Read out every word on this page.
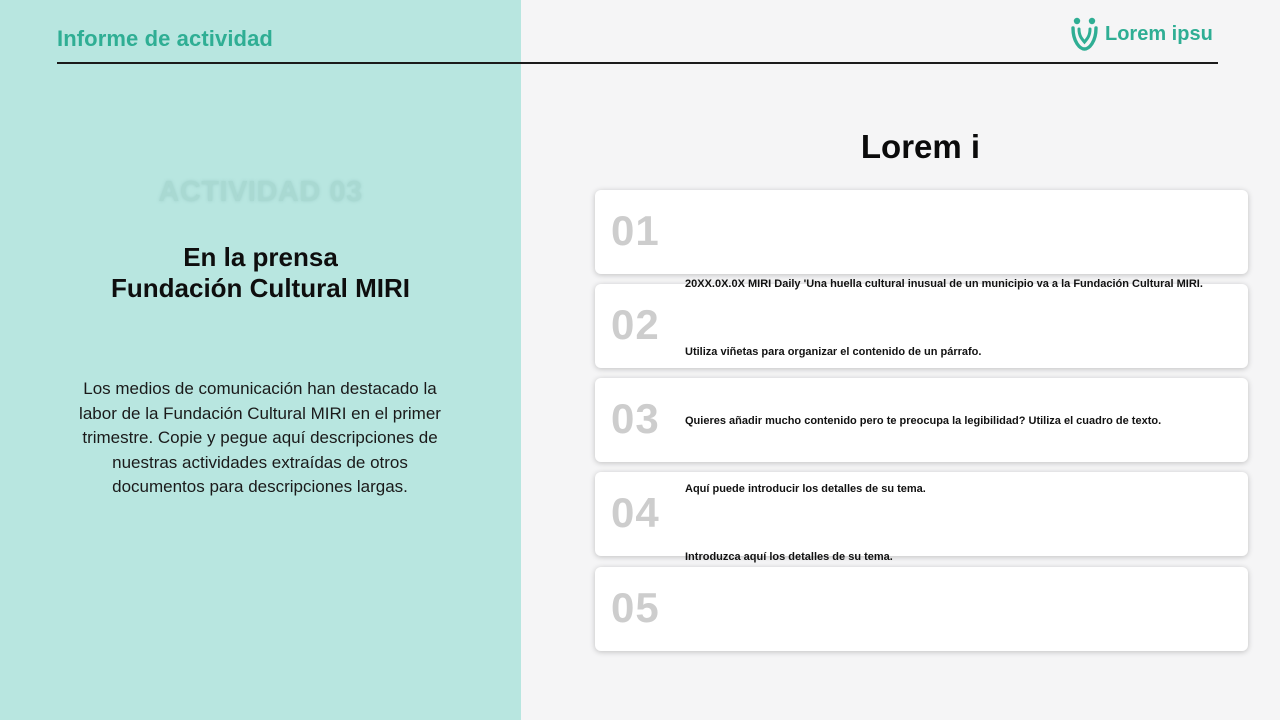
Informe de actividad	Lorem ipsu
ACTIVIDAD 03
En la prensa
Fundación Cultural MIRI
Los medios de comunicación han destacado la labor de la Fundación Cultural MIRI en el primer trimestre. Copie y pegue aquí descripciones de nuestras actividades extraídas de otros documentos para descripciones largas.
Lorem i
01
02
03
04
05
20XX.0X.0X MIRI Daily 'Una huella cultural inusual de un municipio va a la Fundación Cultural MIRI.
Utiliza viñetas para organizar el contenido de un párrafo.
Quieres añadir mucho contenido pero te preocupa la legibilidad? Utiliza el cuadro de texto.
Aquí puede introducir los detalles de su tema.
Introduzca aquí los detalles de su tema.
